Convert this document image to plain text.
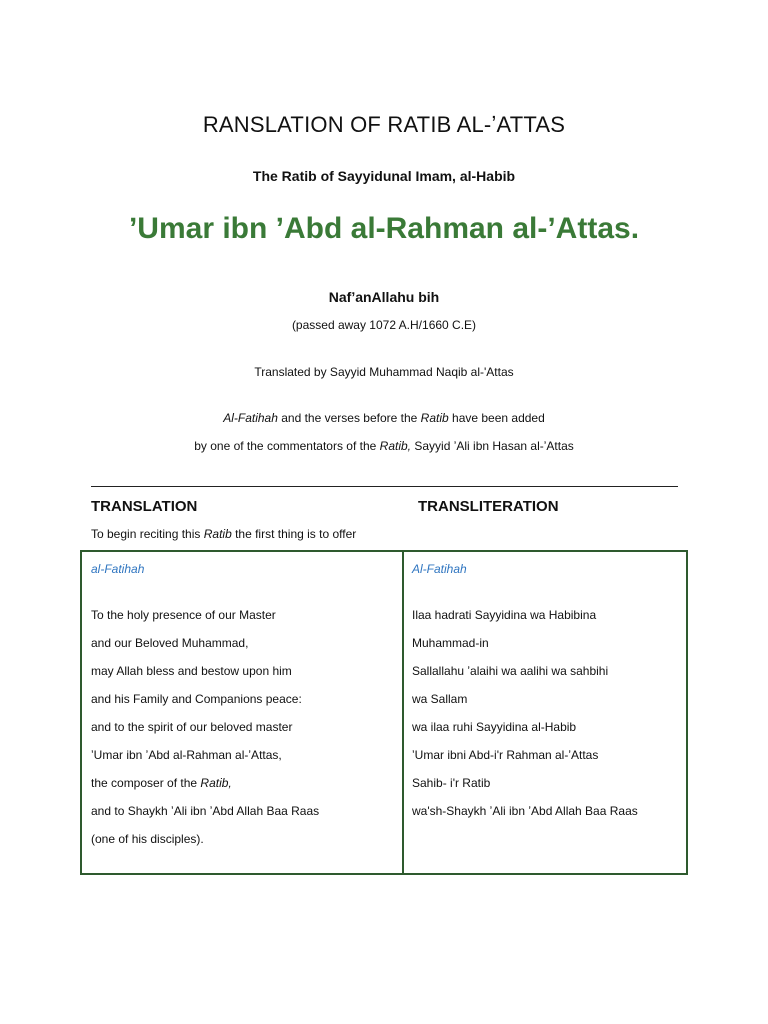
RANSLATION OF RATIB AL-ʼATTAS
The Ratib of Sayyidunal Imam, al-Habib
ʼUmar ibn ʼAbd al-Rahman al-ʼAttas.
NafʼanAllahu bih
(passed away 1072 A.H/1660 C.E)
Translated by Sayyid Muhammad Naqib al-'Attas
Al-Fatihah and the verses before the Ratib have been added
by one of the commentators of the Ratib, Sayyid ʼAli ibn Hasan al-ʼAttas
TRANSLATION	TRANSLITERATION
To begin reciting this Ratib the first thing is to offer
al-Fatihah
To the holy presence of our Master
and our Beloved Muhammad,
may Allah bless and bestow upon him
and his Family and Companions peace:
and to the spirit of our beloved master
ʼUmar ibn ʼAbd al-Rahman al-ʼAttas,
the composer of the Ratib,
and to Shaykh ʼAli ibn ʼAbd Allah Baa Raas
(one of his disciples).
Al-Fatihah
Ilaa hadrati Sayyidina wa Habibina
Muhammad-in
Sallallahu ʼalaihi wa aalihi wa sahbihi
wa Sallam
wa ilaa ruhi Sayyidina al-Habib
ʼUmar ibni Abd-i'r Rahman al-ʼAttas
Sahib- i'r Ratib
wa'sh-Shaykh ʼAli ibn ʼAbd Allah Baa Raas
